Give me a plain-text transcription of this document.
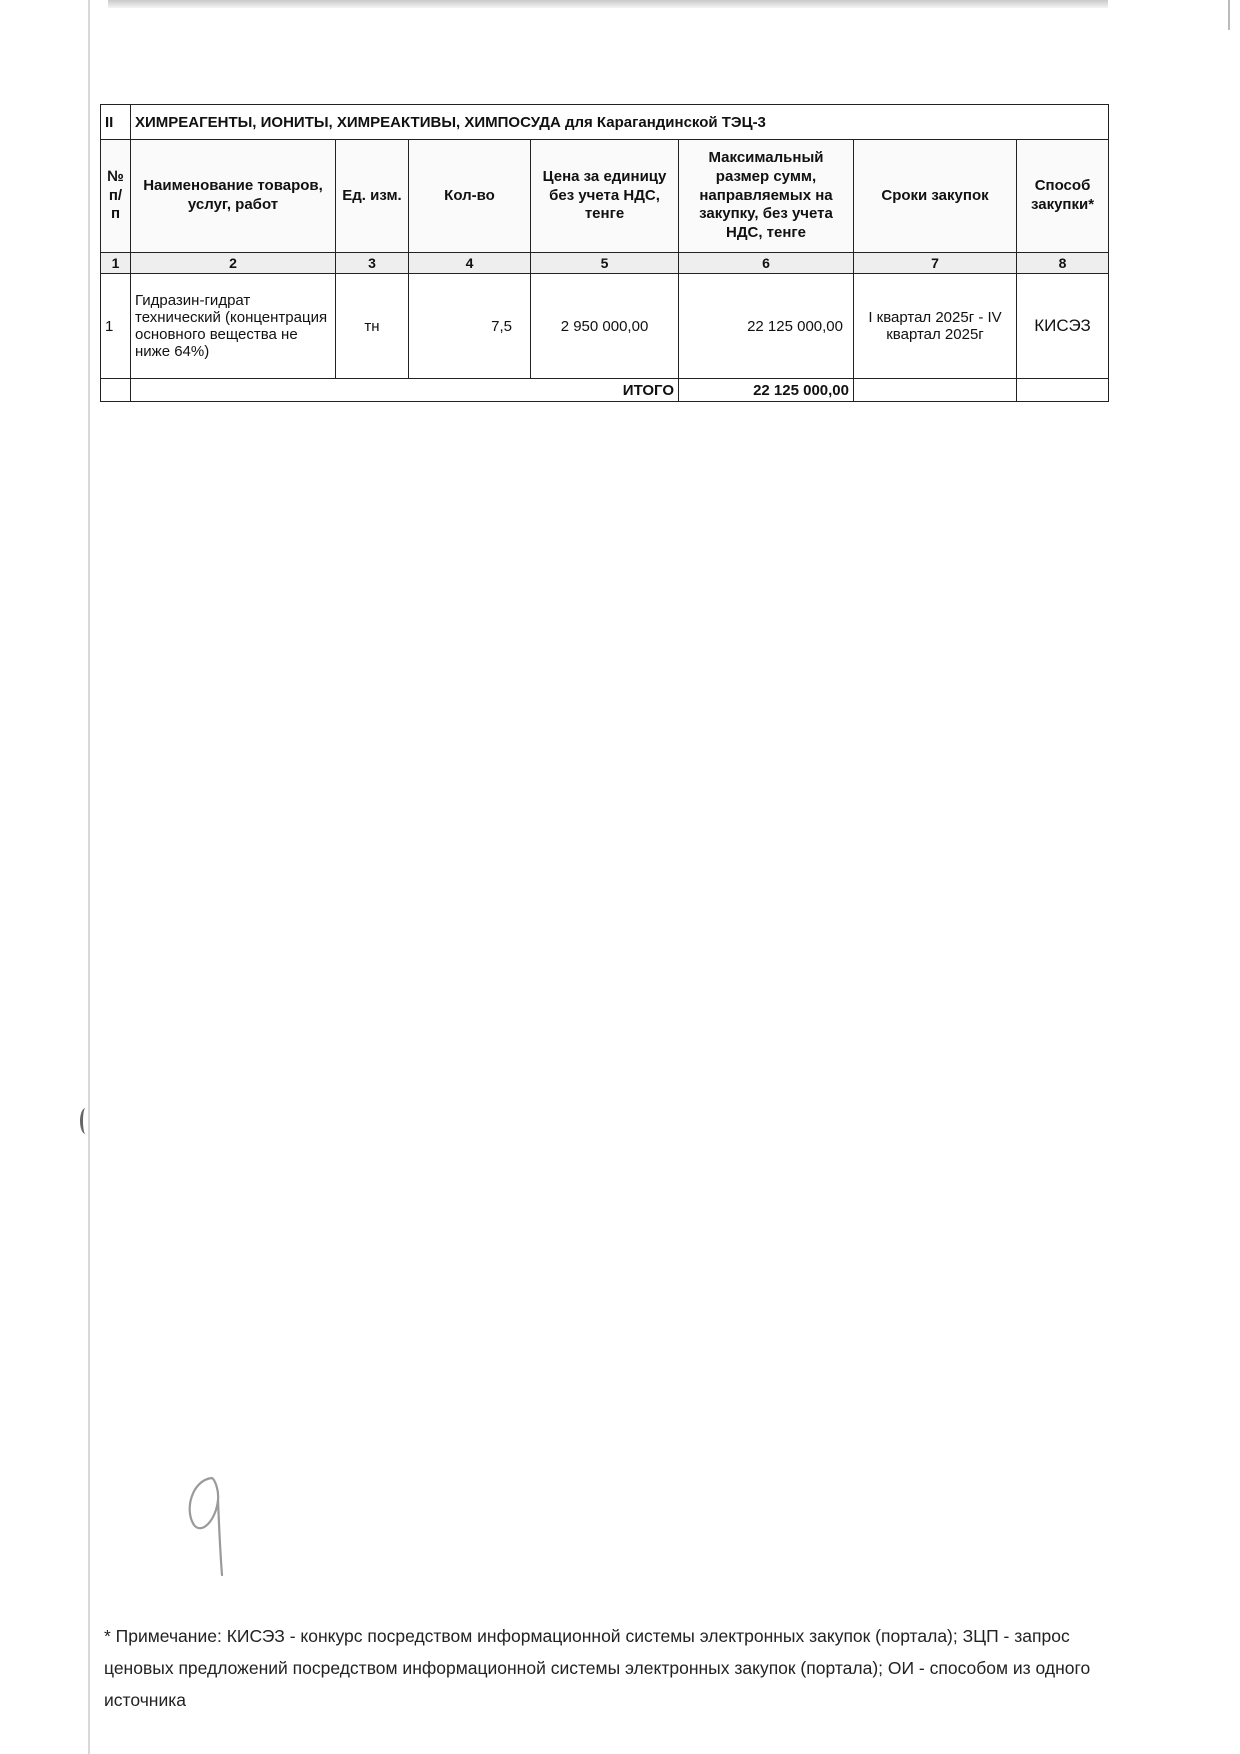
II	ХИМРЕАГЕНТЫ, ИОНИТЫ, ХИМРЕАКТИВЫ, ХИМПОСУДА для Карагандинской ТЭЦ-3						
№ п/п	Наименование товаров, услуг, работ	Ед. изм.	Кол-во	Цена за единицу без учета НДС, тенге	Максимальный размер сумм, направляемых на закупку, без учета НДС, тенге	Сроки закупок	Способ закупки*
1	2	3	4	5	6	7	8
1	Гидразин-гидрат технический (концентрация основного вещества не ниже 64%)	тн	7,5	2 950 000,00	22 125 000,00	I квартал 2025г - IV квартал 2025г	КИСЭЗ
	ИТОГО				22 125 000,00		
* Примечание: КИСЭЗ - конкурс посредством информационной системы электронных закупок (портала); ЗЦП - запрос ценовых предложений посредством информационной системы электронных закупок (портала); ОИ - способом из одного источника
